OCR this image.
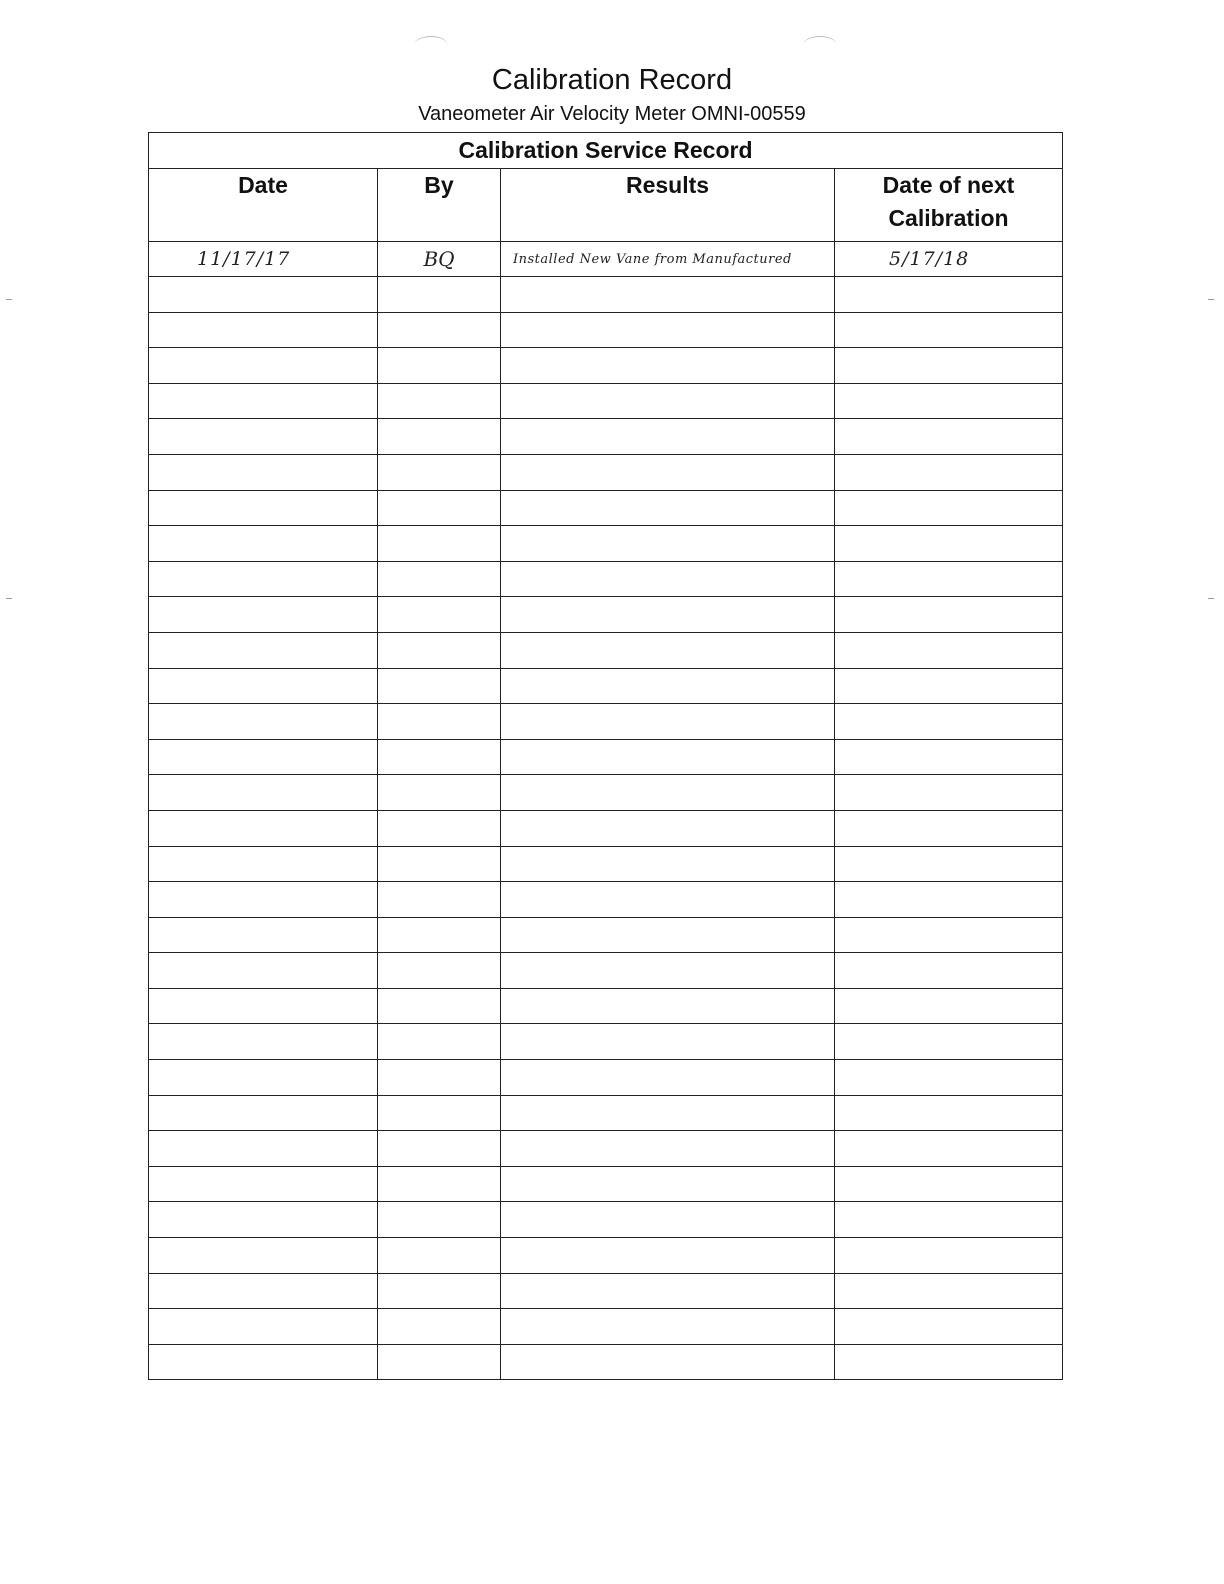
Calibration Record
Vaneometer Air Velocity Meter OMNI-00559
Calibration Service Record			
Date	By	Results	Date of next Calibration
11/17/17	BQ	Installed New Vane from Manufactured	5/17/18
